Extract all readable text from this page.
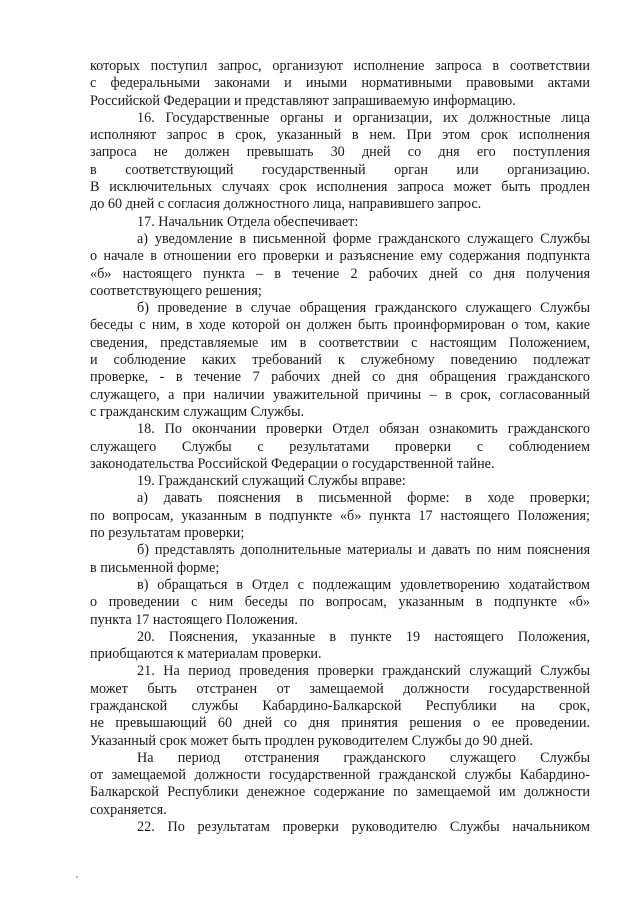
которых поступил запрос, организуют исполнение запроса в соответствии
с федеральными законами и иными нормативными правовыми актами
Российской Федерации и представляют запрашиваемую информацию.
16. Государственные органы и организации, их должностные лица
исполняют запрос в срок, указанный в нем. При этом срок исполнения
запроса не должен превышать 30 дней со дня его поступления
в соответствующий государственный орган или организацию.
В исключительных случаях срок исполнения запроса может быть продлен
до 60 дней с согласия должностного лица, направившего запрос.
17. Начальник Отдела обеспечивает:
а) уведомление в письменной форме гражданского служащего Службы
о начале в отношении его проверки и разъяснение ему содержания подпункта
«б» настоящего пункта – в течение 2 рабочих дней со дня получения
соответствующего решения;
б) проведение в случае обращения гражданского служащего Службы
беседы с ним, в ходе которой он должен быть проинформирован о том, какие
сведения, представляемые им в соответствии с настоящим Положением,
и соблюдение каких требований к служебному поведению подлежат
проверке, - в течение 7 рабочих дней со дня обращения гражданского
служащего, а при наличии уважительной причины – в срок, согласованный
с гражданским служащим Службы.
18. По окончании проверки Отдел обязан ознакомить гражданского
служащего Службы с результатами проверки с соблюдением
законодательства Российской Федерации о государственной тайне.
19. Гражданский служащий Службы вправе:
а) давать пояснения в письменной форме: в ходе проверки;
по вопросам, указанным в подпункте «б» пункта 17 настоящего Положения;
по результатам проверки;
б) представлять дополнительные материалы и давать по ним пояснения
в письменной форме;
в) обращаться в Отдел с подлежащим удовлетворению ходатайством
о проведении с ним беседы по вопросам, указанным в подпункте «б»
пункта 17 настоящего Положения.
20. Пояснения, указанные в пункте 19 настоящего Положения,
приобщаются к материалам проверки.
21. На период проведения проверки гражданский служащий Службы
может быть отстранен от замещаемой должности государственной
гражданской службы Кабардино-Балкарской Республики на срок,
не превышающий 60 дней со дня принятия решения о ее проведении.
Указанный срок может быть продлен руководителем Службы до 90 дней.
На период отстранения гражданского служащего Службы
от замещаемой должности государственной гражданской службы Кабардино-
Балкарской Республики денежное содержание по замещаемой им должности
сохраняется.
22. По результатам проверки руководителю Службы начальником
